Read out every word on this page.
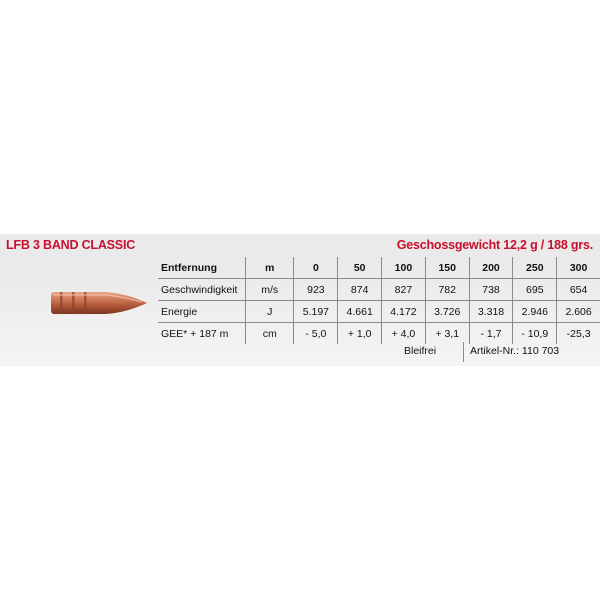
LFB 3 BAND CLASSIC	Geschossgewicht 12,2 g / 188 grs.
Entfernung	m	0	50	100	150	200	250	300
Geschwindigkeit	m/s	923	874	827	782	738	695	654
Energie	J	5.197	4.661	4.172	3.726	3.318	2.946	2.606
GEE* + 187 m	cm	- 5,0	+ 1,0	+ 4,0	+ 3,1	- 1,7	- 10,9	-25,3
Bleifrei	Artikel-Nr.: 110 703
